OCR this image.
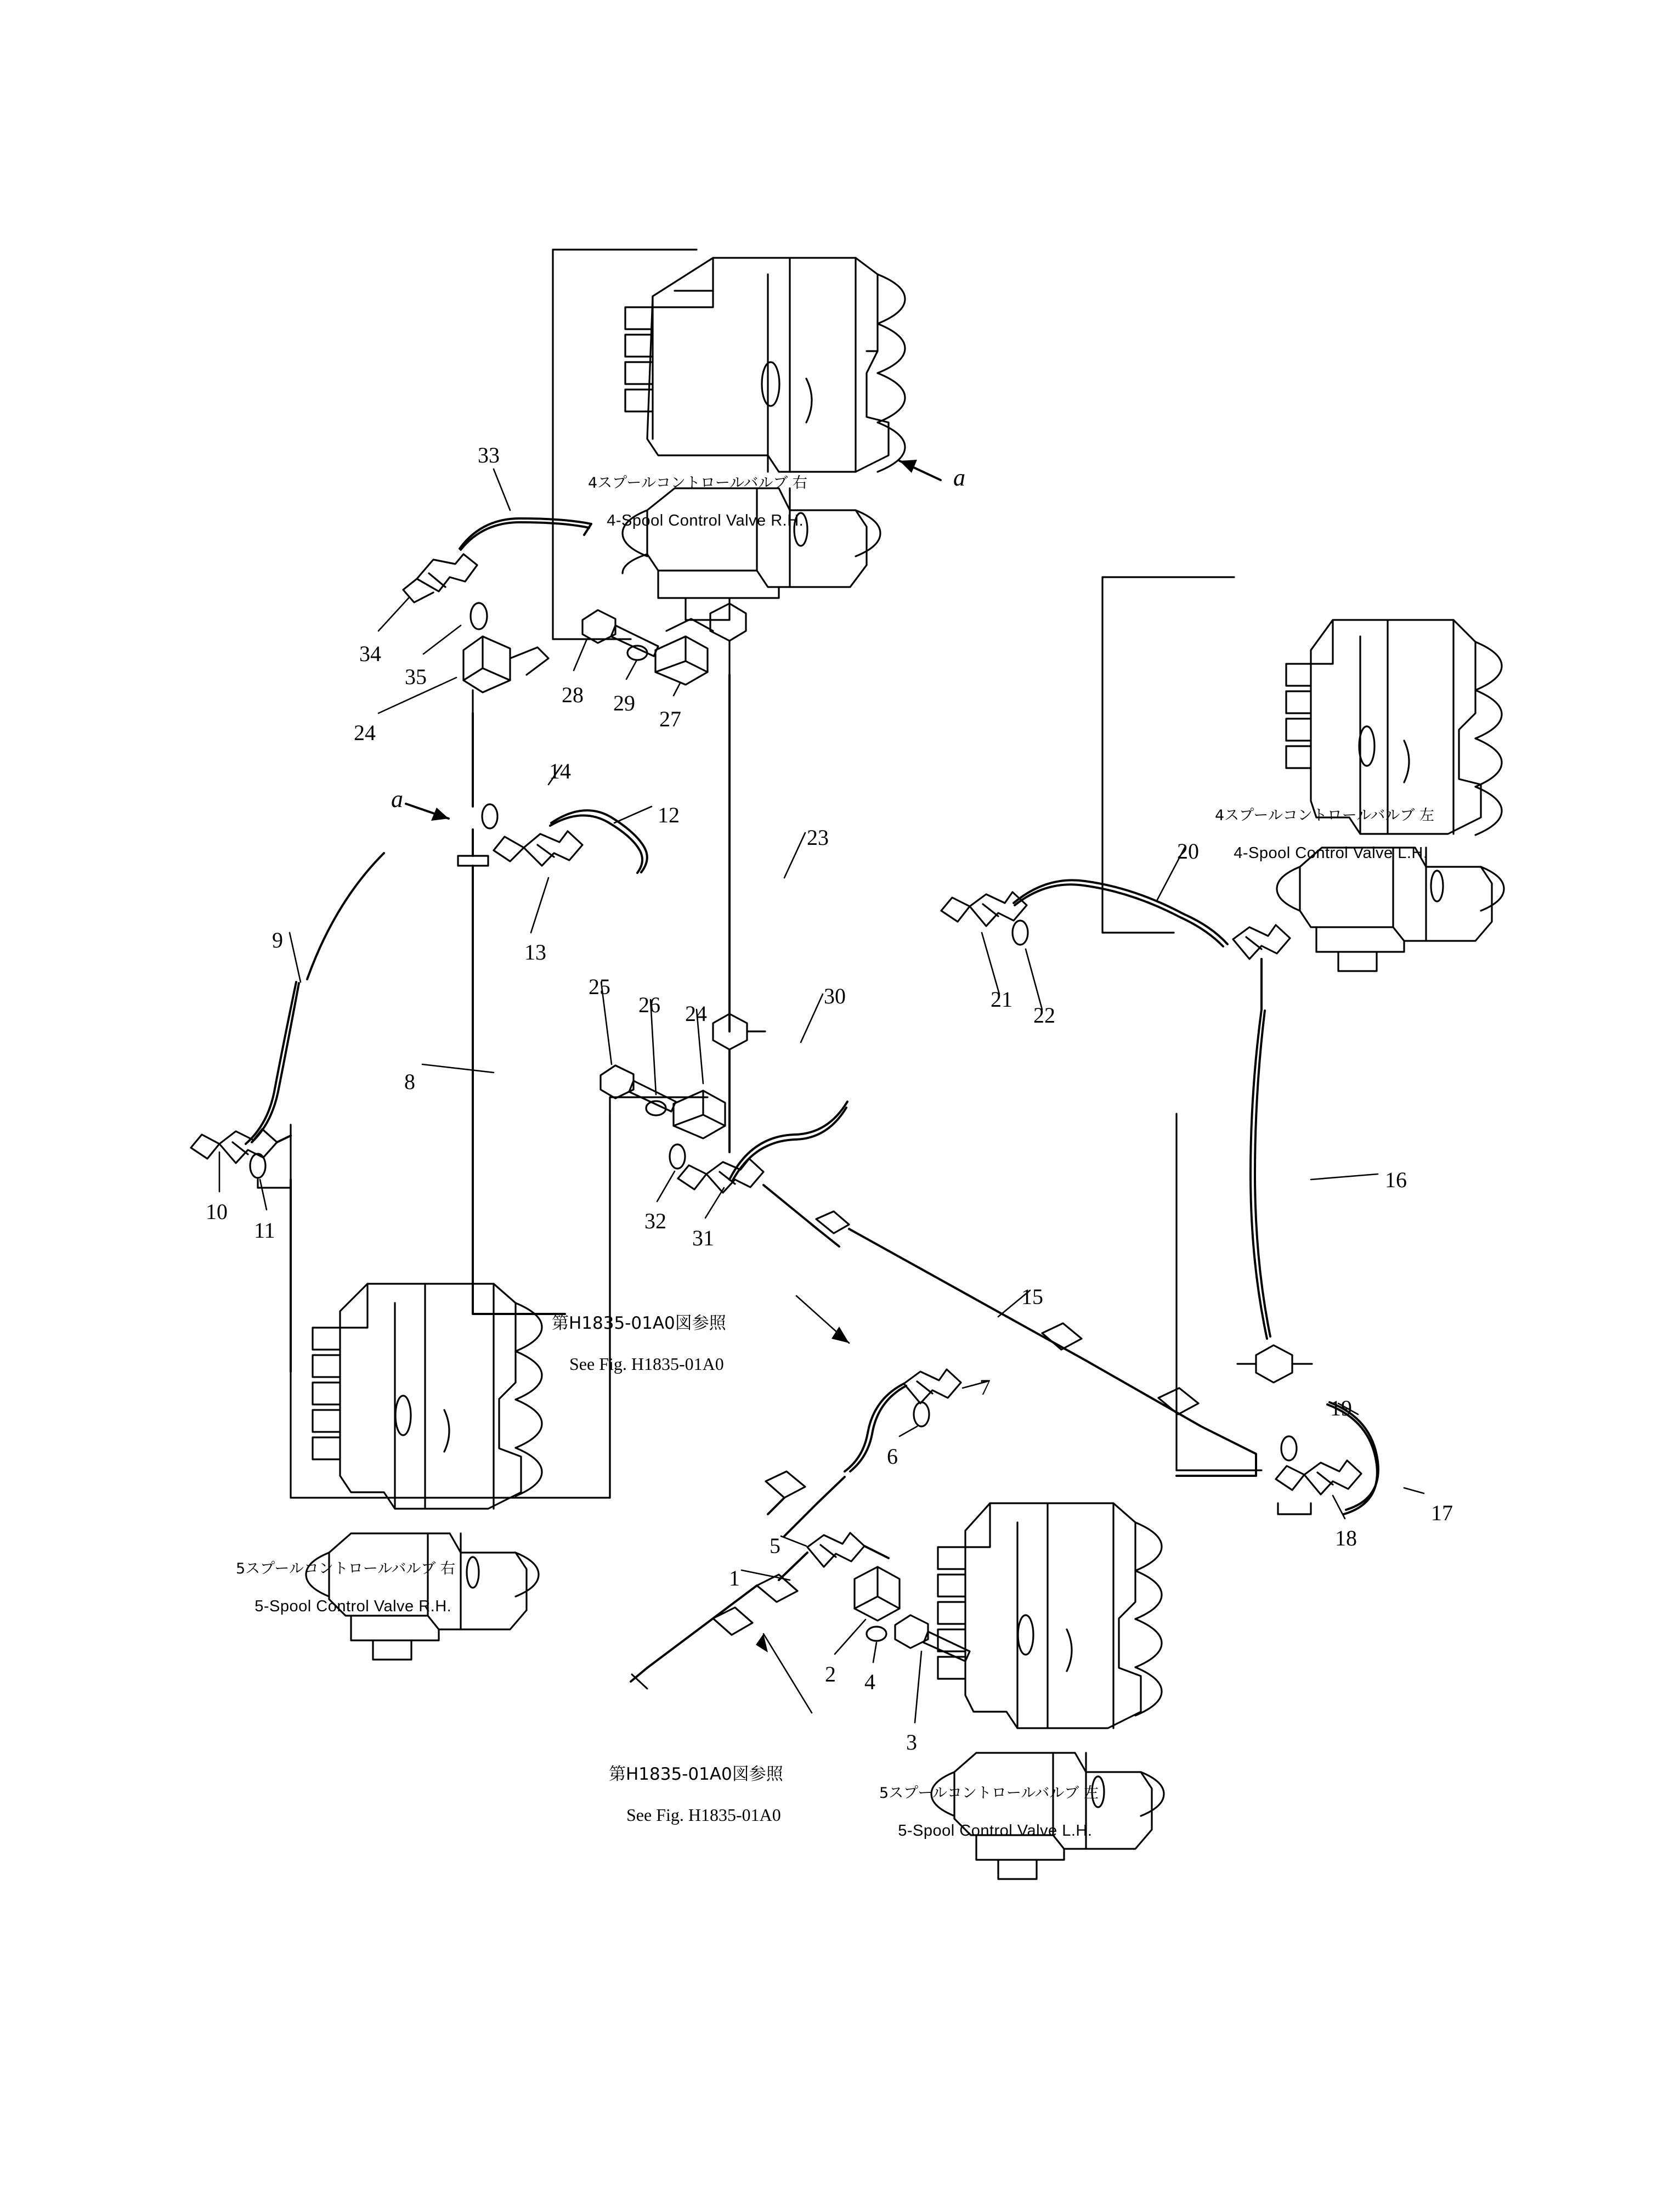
a
a
33
34
35
28 29
27
24
14
12
23
13
9
8
25
26 24
30
20
21
22
10
11	32
31
16
15
7
6
19
17
18
5
1
2 4
3

4スプールコントロールバルブ 右

4-Spool Control Valve R.H.

4スプールコントロールバルブ 左

4-Spool Control Valve L.H.

5スプールコントロールバルブ 右

5-Spool Control Valve R.H.

5スプールコントロールバルブ 左

5-Spool Control Valve L.H.

第H1835-01A0図参照

See Fig. H1835-01A0

第H1835-01A0図参照

See Fig. H1835-01A0
